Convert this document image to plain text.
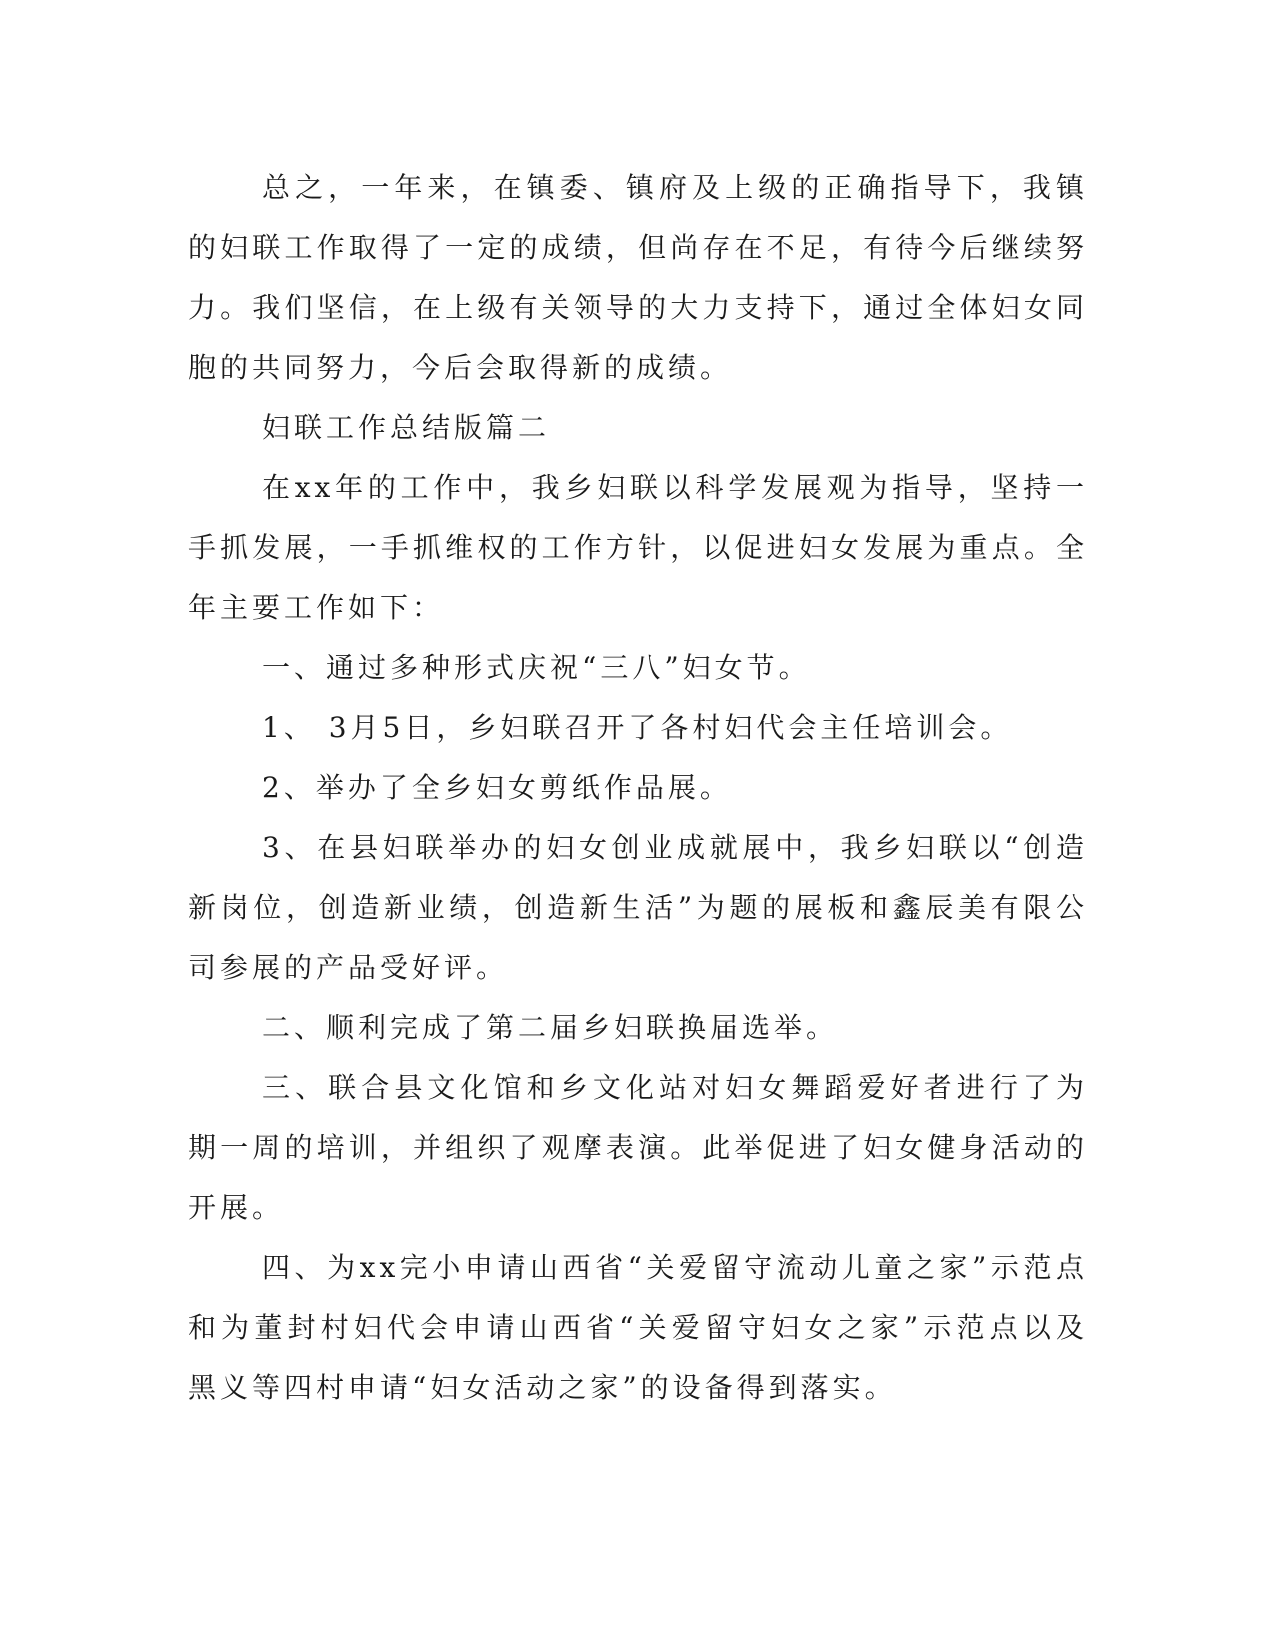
总之，一年来，在镇委、镇府及上级的正确指导下，我镇的妇联工作取得了一定的成绩，但尚存在不足，有待今后继续努力。我们坚信，在上级有关领导的大力支持下，通过全体妇女同胞的共同努力，今后会取得新的成绩。

妇联工作总结版篇二

在xx年的工作中，我乡妇联以科学发展观为指导，坚持一手抓发展，一手抓维权的工作方针，以促进妇女发展为重点。全年主要工作如下：

一、通过多种形式庆祝“三八”妇女节。

1、 3月5日，乡妇联召开了各村妇代会主任培训会。

2、举办了全乡妇女剪纸作品展。

3、在县妇联举办的妇女创业成就展中，我乡妇联以“创造新岗位，创造新业绩，创造新生活”为题的展板和鑫辰美有限公司参展的产品受好评。

二、顺利完成了第二届乡妇联换届选举。

三、联合县文化馆和乡文化站对妇女舞蹈爱好者进行了为期一周的培训，并组织了观摩表演。此举促进了妇女健身活动的开展。

四、为xx完小申请山西省“关爱留守流动儿童之家”示范点和为董封村妇代会申请山西省“关爱留守妇女之家”示范点以及黑义等四村申请“妇女活动之家”的设备得到落实。
